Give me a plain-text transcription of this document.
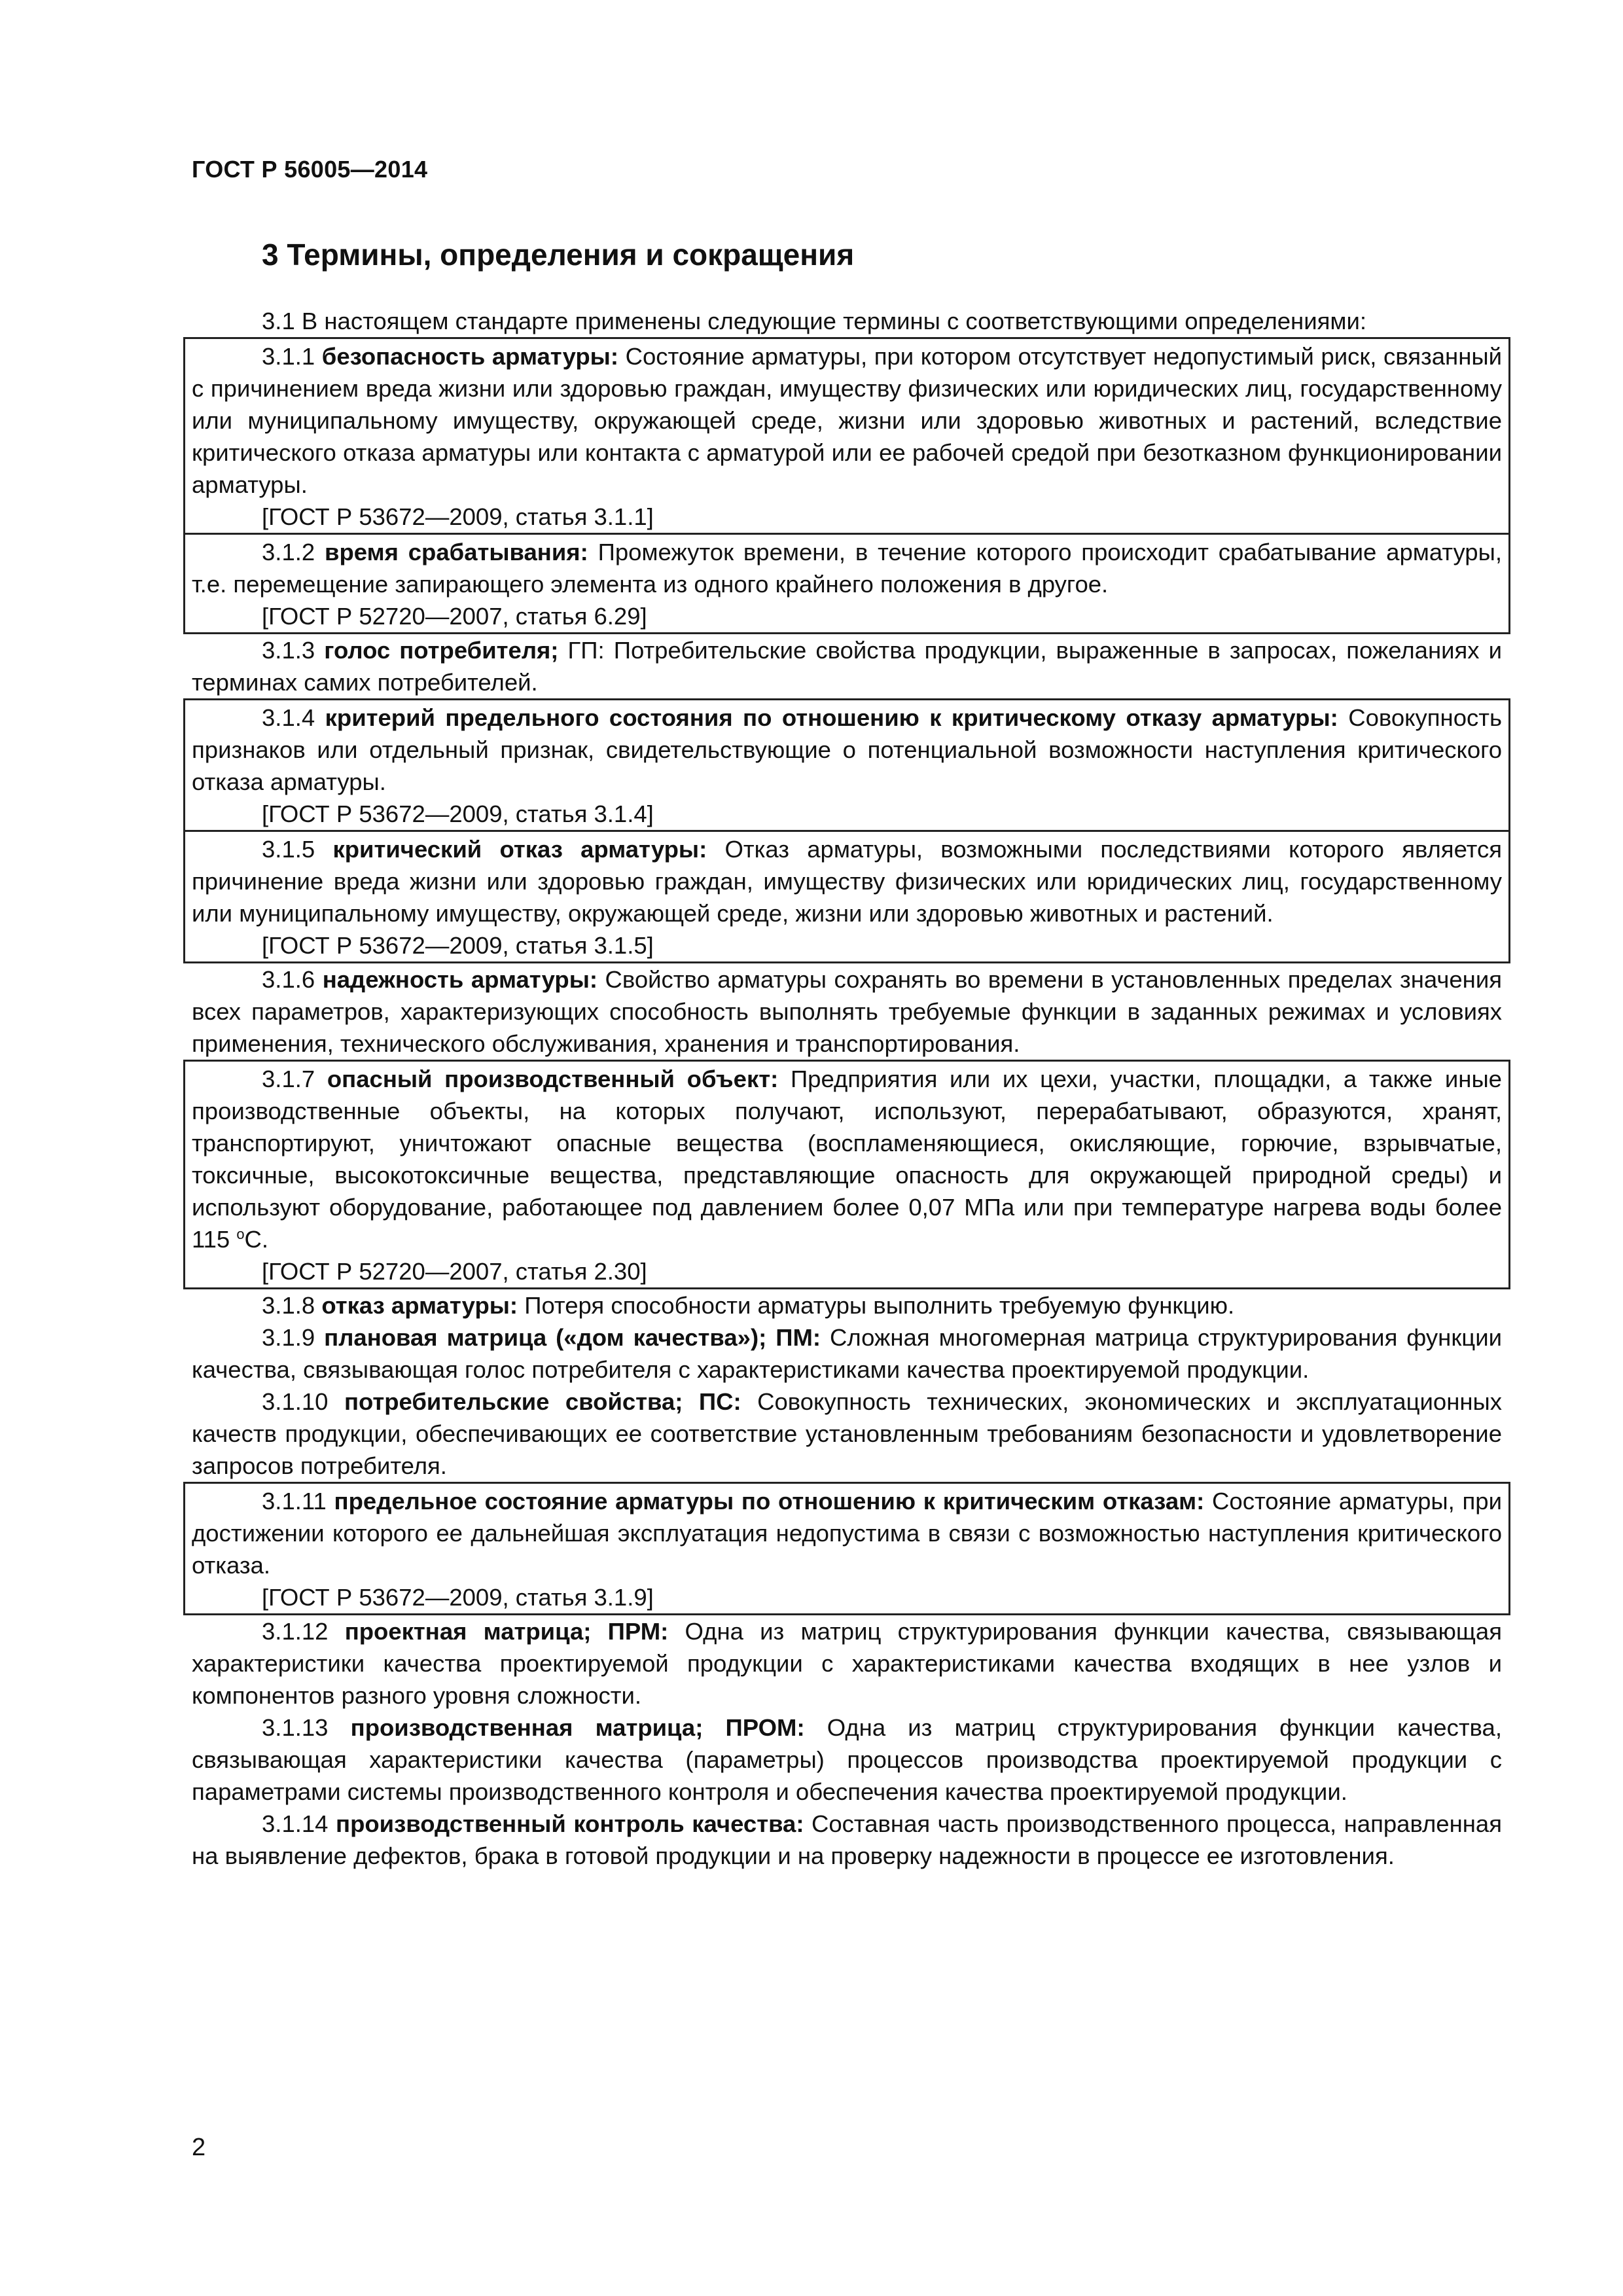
ГОСТ Р 56005—2014
3 Термины, определения и сокращения

3.1 В настоящем стандарте применены следующие термины с соответствующими определениями:

3.1.1 безопасность арматуры: Состояние арматуры, при котором отсутствует недопустимый риск, связанный с причинением вреда жизни или здоровью граждан, имуществу физических или юридических лиц, государственному или муниципальному имуществу, окружающей среде, жизни или здоровью животных и растений, вследствие критического отказа арматуры или контакта с арматурой или ее рабочей средой при безотказном функционировании арматуры.

[ГОСТ Р 53672—2009, статья 3.1.1]

3.1.2 время срабатывания: Промежуток времени, в течение которого происходит срабатывание арматуры, т.е. перемещение запирающего элемента из одного крайнего положения в другое.

[ГОСТ Р 52720—2007, статья 6.29]

3.1.3 голос потребителя; ГП: Потребительские свойства продукции, выраженные в запросах, пожеланиях и терминах самих потребителей.

3.1.4 критерий предельного состояния по отношению к критическому отказу арматуры: Совокупность признаков или отдельный признак, свидетельствующие о потенциальной возможности наступления критического отказа арматуры.

[ГОСТ Р 53672—2009, статья 3.1.4]

3.1.5 критический отказ арматуры: Отказ арматуры, возможными последствиями которого является причинение вреда жизни или здоровью граждан, имуществу физических или юридических лиц, государственному или муниципальному имуществу, окружающей среде, жизни или здоровью животных и растений.

[ГОСТ Р 53672—2009, статья 3.1.5]

3.1.6 надежность арматуры: Свойство арматуры сохранять во времени в установленных пределах значения всех параметров, характеризующих способность выполнять требуемые функции в заданных режимах и условиях применения, технического обслуживания, хранения и транспортирования.

3.1.7 опасный производственный объект: Предприятия или их цехи, участки, площадки, а также иные производственные объекты, на которых получают, используют, перерабатывают, образуются, хранят, транспортируют, уничтожают опасные вещества (воспламеняющиеся, окисляющие, горючие, взрывчатые, токсичные, высокотоксичные вещества, представляющие опасность для окружающей природной среды) и используют оборудование, работающее под давлением более 0,07 МПа или при температуре нагрева воды более 115 $^o$С.

[ГОСТ Р 52720—2007, статья 2.30]

3.1.8 отказ арматуры: Потеря способности арматуры выполнить требуемую функцию.

3.1.9 плановая матрица («дом качества»); ПМ: Сложная многомерная матрица структурирования функции качества, связывающая голос потребителя с характеристиками качества проектируемой продукции.

3.1.10 потребительские свойства; ПС: Совокупность технических, экономических и эксплуатационных качеств продукции, обеспечивающих ее соответствие установленным требованиям безопасности и удовлетворение запросов потребителя.

3.1.11 предельное состояние арматуры по отношению к критическим отказам: Состояние арматуры, при достижении которого ее дальнейшая эксплуатация недопустима в связи с возможностью наступления критического отказа.

[ГОСТ Р 53672—2009, статья 3.1.9]

3.1.12 проектная матрица; ПРМ: Одна из матриц структурирования функции качества, связывающая характеристики качества проектируемой продукции с характеристиками качества входящих в нее узлов и компонентов разного уровня сложности.

3.1.13 производственная матрица; ПРОМ: Одна из матриц структурирования функции качества, связывающая характеристики качества (параметры) процессов производства проектируемой продукции с параметрами системы производственного контроля и обеспечения качества проектируемой продукции.

3.1.14 производственный контроль качества: Составная часть производственного процесса, направленная на выявление дефектов, брака в готовой продукции и на проверку надежности в процессе ее изготовления.

2
